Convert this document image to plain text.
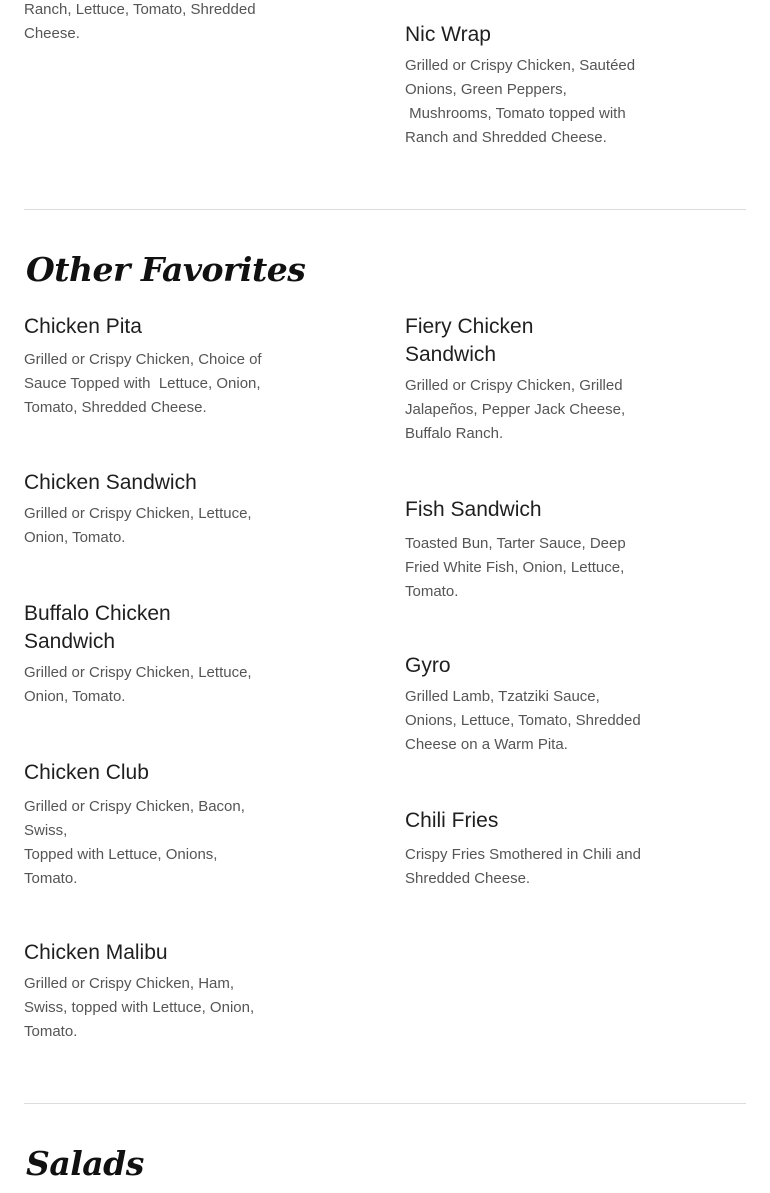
Ranch, Lettuce, Tomato, Shredded
Cheese.	Nic Wrap
Grilled or Crispy Chicken, Sautéed
Onions, Green Peppers,
Mushrooms, Tomato topped with
Ranch and Shredded Cheese.
Other Favorites
Chicken Pita
Grilled or Crispy Chicken, Choice of
Sauce Topped with  Lettuce, Onion,
Tomato, Shredded Cheese.
Chicken Sandwich
Grilled or Crispy Chicken, Lettuce,
Onion, Tomato.
Buffalo Chicken
Sandwich
Grilled or Crispy Chicken, Lettuce,
Onion, Tomato.
Chicken Club
Grilled or Crispy Chicken, Bacon,
Swiss,
Topped with Lettuce, Onions,
Tomato.
Chicken Malibu
Grilled or Crispy Chicken, Ham,
Swiss, topped with Lettuce, Onion,
Tomato.
Fiery Chicken
Sandwich
Grilled or Crispy Chicken, Grilled
Jalapeños, Pepper Jack Cheese,
Buffalo Ranch.
Fish Sandwich
Toasted Bun, Tarter Sauce, Deep
Fried White Fish, Onion, Lettuce,
Tomato.
Gyro
Grilled Lamb, Tzatziki Sauce,
Onions, Lettuce, Tomato, Shredded
Cheese on a Warm Pita.
Chili Fries
Crispy Fries Smothered in Chili and
Shredded Cheese.
Salads
